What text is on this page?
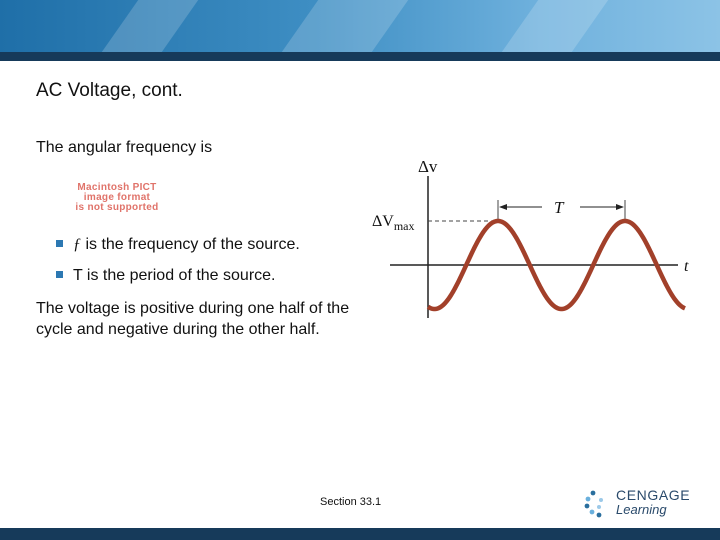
AC Voltage, cont.
The angular frequency is
Macintosh PICT
image format
is not supported
ƒ is the frequency of the source.
T is the period of the source.
The voltage is positive during one half of the cycle and negative during the other half.
Δv
$\Delta V_{max}$
T
t
Section 33.1	CENGAGE
Learning
